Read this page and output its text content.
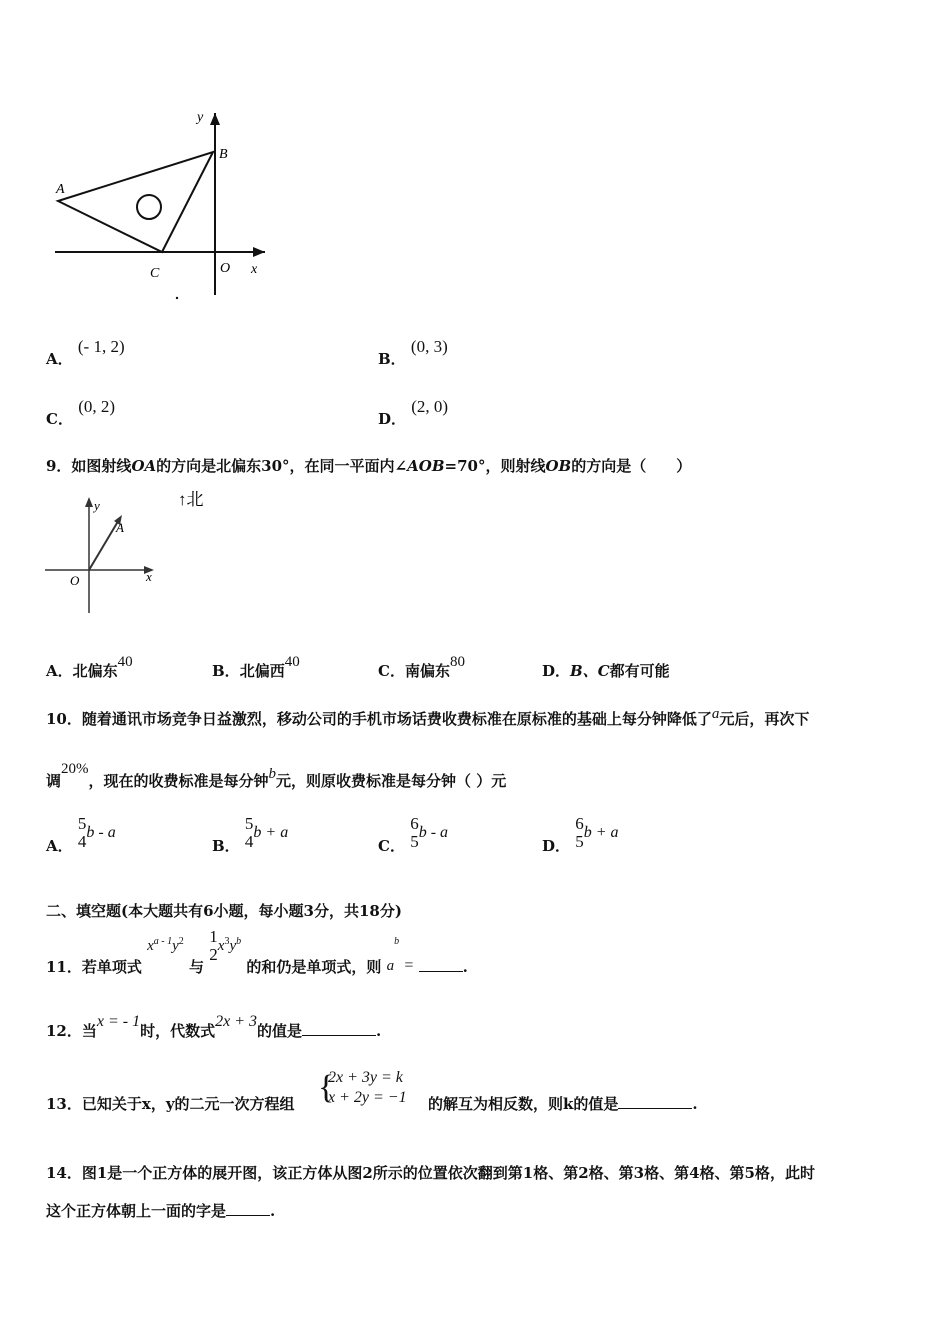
y
B
A
C	O x
A． (- 1, 2)
B． (0, 3)
C． (0, 2)
D． (2, 0)
9．如图射线OA的方向是北偏东30°，在同一平面内∠AOB=70°，则射线OB的方向是（　　）
↑北
y
A
O	x
A．北偏东40	B．北偏西40	C．南偏东80	D．B、C都有可能
10．随着通讯市场竞争日益激烈，移动公司的手机市场话费收费标准在原标准的基础上每分钟降低了a元后，再次下
调20%，现在的收费标准是每分钟b元，则原收费标准是每分钟（ ）元
A．
5
4 b - a
B．
5
4 b + a
C．
6
5 b - a
D．
6
5 b + a
二、填空题(本大题共有6小题，每小题3分，共18分)
11．若单项式 $x^{a - 1}y^2$ 与
1
2 $x^3y^b$ 的和仍是单项式，则 $a^b$ =	.
12．当x = - 1时，代数式2x + 3的值是	.
13．已知关于x，y的二元一次方程组 {
2x + 3y = k
x + 2y = −1 的解互为相反数，则k的值是	.
14．图1是一个正方体的展开图，该正方体从图2所示的位置依次翻到第1格、第2格、第3格、第4格、第5格，此时
这个正方体朝上一面的字是	.
